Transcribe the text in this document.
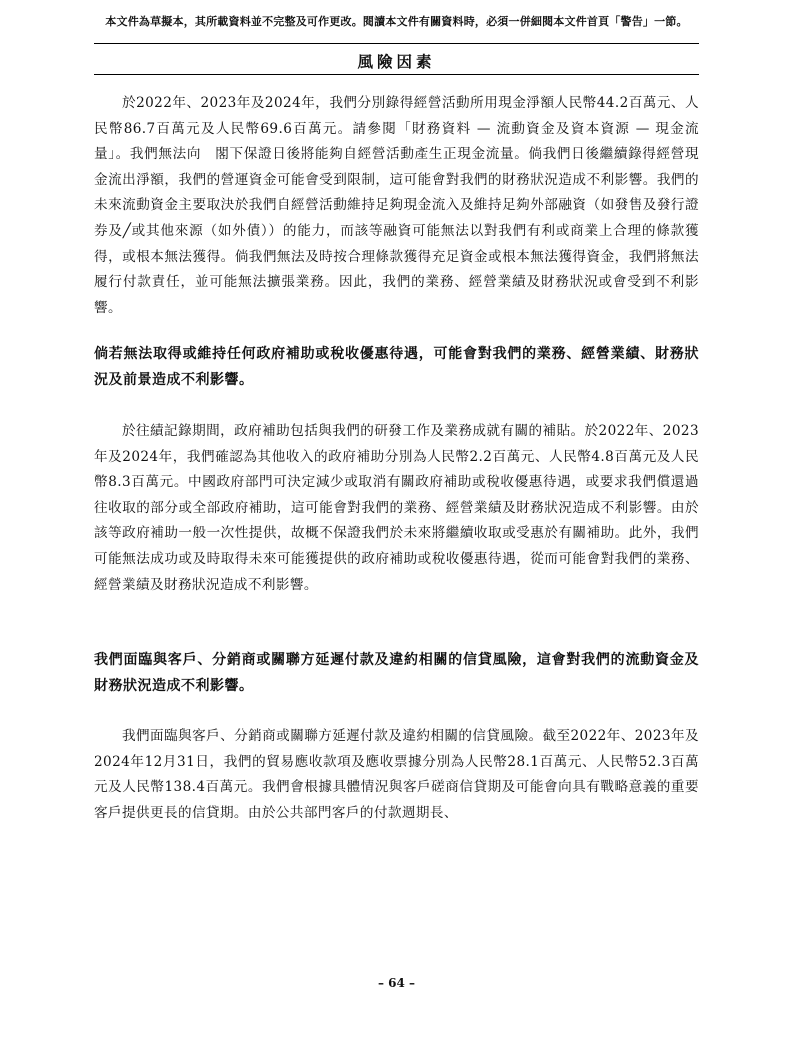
本文件為草擬本，其所載資料並不完整及可作更改。閱讀本文件有關資料時，必須一併細閱本文件首頁「警告」一節。
風險因素
於2022年、2023年及2024年，我們分別錄得經營活動所用現金淨額人民幣44.2百萬元、人民幣86.7百萬元及人民幣69.6百萬元。請參閱「財務資料 — 流動資金及資本資源 — 現金流量」。我們無法向　閣下保證日後將能夠自經營活動產生正現金流量。倘我們日後繼續錄得經營現金流出淨額，我們的營運資金可能會受到限制，這可能會對我們的財務狀況造成不利影響。我們的未來流動資金主要取決於我們自經營活動維持足夠現金流入及維持足夠外部融資（如發售及發行證券及╱或其他來源（如外債））的能力，而該等融資可能無法以對我們有利或商業上合理的條款獲得，或根本無法獲得。倘我們無法及時按合理條款獲得充足資金或根本無法獲得資金，我們將無法履行付款責任，並可能無法擴張業務。因此，我們的業務、經營業績及財務狀況或會受到不利影響。
倘若無法取得或維持任何政府補助或稅收優惠待遇，可能會對我們的業務、經營業績、財務狀況及前景造成不利影響。
於往績記錄期間，政府補助包括與我們的研發工作及業務成就有關的補貼。於2022年、2023年及2024年，我們確認為其他收入的政府補助分別為人民幣2.2百萬元、人民幣4.8百萬元及人民幣8.3百萬元。中國政府部門可決定減少或取消有關政府補助或稅收優惠待遇，或要求我們償還過往收取的部分或全部政府補助，這可能會對我們的業務、經營業績及財務狀況造成不利影響。由於該等政府補助一般一次性提供，故概不保證我們於未來將繼續收取或受惠於有關補助。此外，我們可能無法成功或及時取得未來可能獲提供的政府補助或稅收優惠待遇，從而可能會對我們的業務、經營業績及財務狀況造成不利影響。
我們面臨與客戶、分銷商或關聯方延遲付款及違約相關的信貸風險，這會對我們的流動資金及財務狀況造成不利影響。
我們面臨與客戶、分銷商或關聯方延遲付款及違約相關的信貸風險。截至2022年、2023年及2024年12月31日，我們的貿易應收款項及應收票據分別為人民幣28.1百萬元、人民幣52.3百萬元及人民幣138.4百萬元。我們會根據具體情況與客戶磋商信貸期及可能會向具有戰略意義的重要客戶提供更長的信貸期。由於公共部門客戶的付款週期長、
– 64 –
